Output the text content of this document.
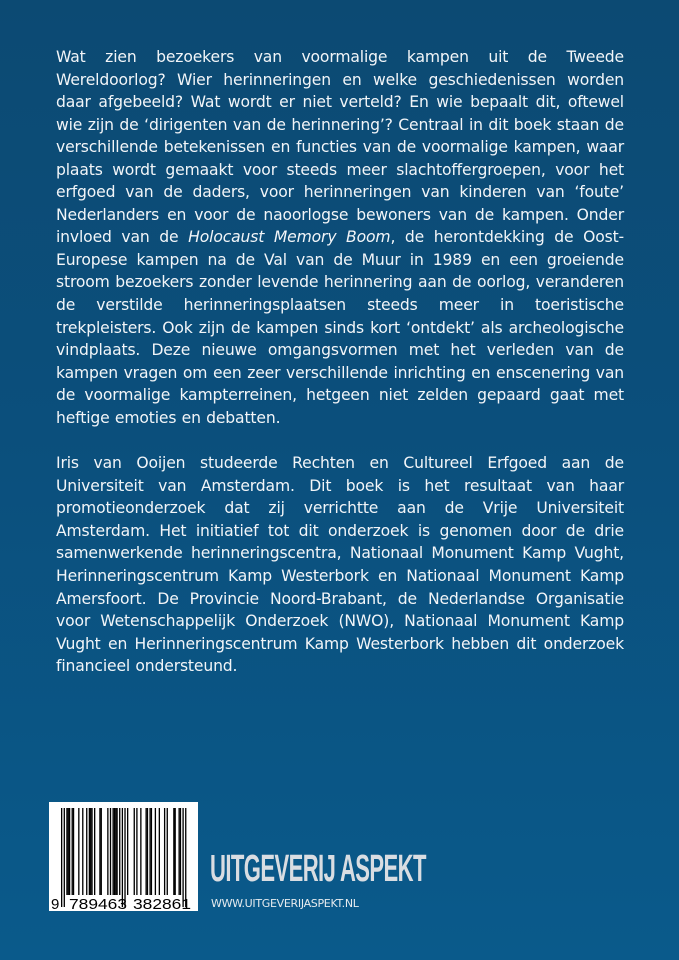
Wat zien bezoekers van voormalige kampen uit de Tweede Wereldoorlog? Wier herinneringen en welke geschiedenissen worden daar afgebeeld? Wat wordt er niet verteld? En wie bepaalt dit, oftewel wie zijn de ‘dirigenten van de herinnering’? Centraal in dit boek staan de verschillende betekenissen en functies van de voormalige kampen, waar plaats wordt gemaakt voor steeds meer slachtoffergroepen, voor het erfgoed van de daders, voor herinneringen van kinderen van ‘foute’ Nederlanders en voor de naoorlogse bewoners van de kampen. Onder invloed van de Holocaust Memory Boom, de herontdekking de Oost-Europese kampen na de Val van de Muur in 1989 en een groeiende stroom bezoekers zonder levende herinnering aan de oorlog, veranderen de verstilde herinneringsplaatsen steeds meer in toeristische trekpleisters. Ook zijn de kampen sinds kort ‘ontdekt’ als archeologische vindplaats. Deze nieuwe omgangsvormen met het verleden van de kampen vragen om een zeer verschillende inrichting en enscenering van de voormalige kampterreinen, hetgeen niet zelden gepaard gaat met heftige emoties en debatten.

Iris van Ooijen studeerde Rechten en Cultureel Erfgoed aan de Universiteit van Amsterdam. Dit boek is het resultaat van haar promotieonderzoek dat zij verrichtte aan de Vrije Universiteit Amsterdam. Het initiatief tot dit onderzoek is genomen door de drie samenwerkende herinneringscentra, Nationaal Monument Kamp Vught, Herinneringscentrum Kamp Westerbork en Nationaal Monument Kamp Amersfoort. De Provincie Noord-Brabant, de Nederlandse Organisatie voor Wetenschappelijk Onderzoek (NWO), Nationaal Monument Kamp Vught en Herinneringscentrum Kamp Westerbork hebben dit onderzoek financieel ondersteund.

9 789463 382861
UITGEVERIJ ASPEKT
WWW.UITGEVERIJASPEKT.NL
